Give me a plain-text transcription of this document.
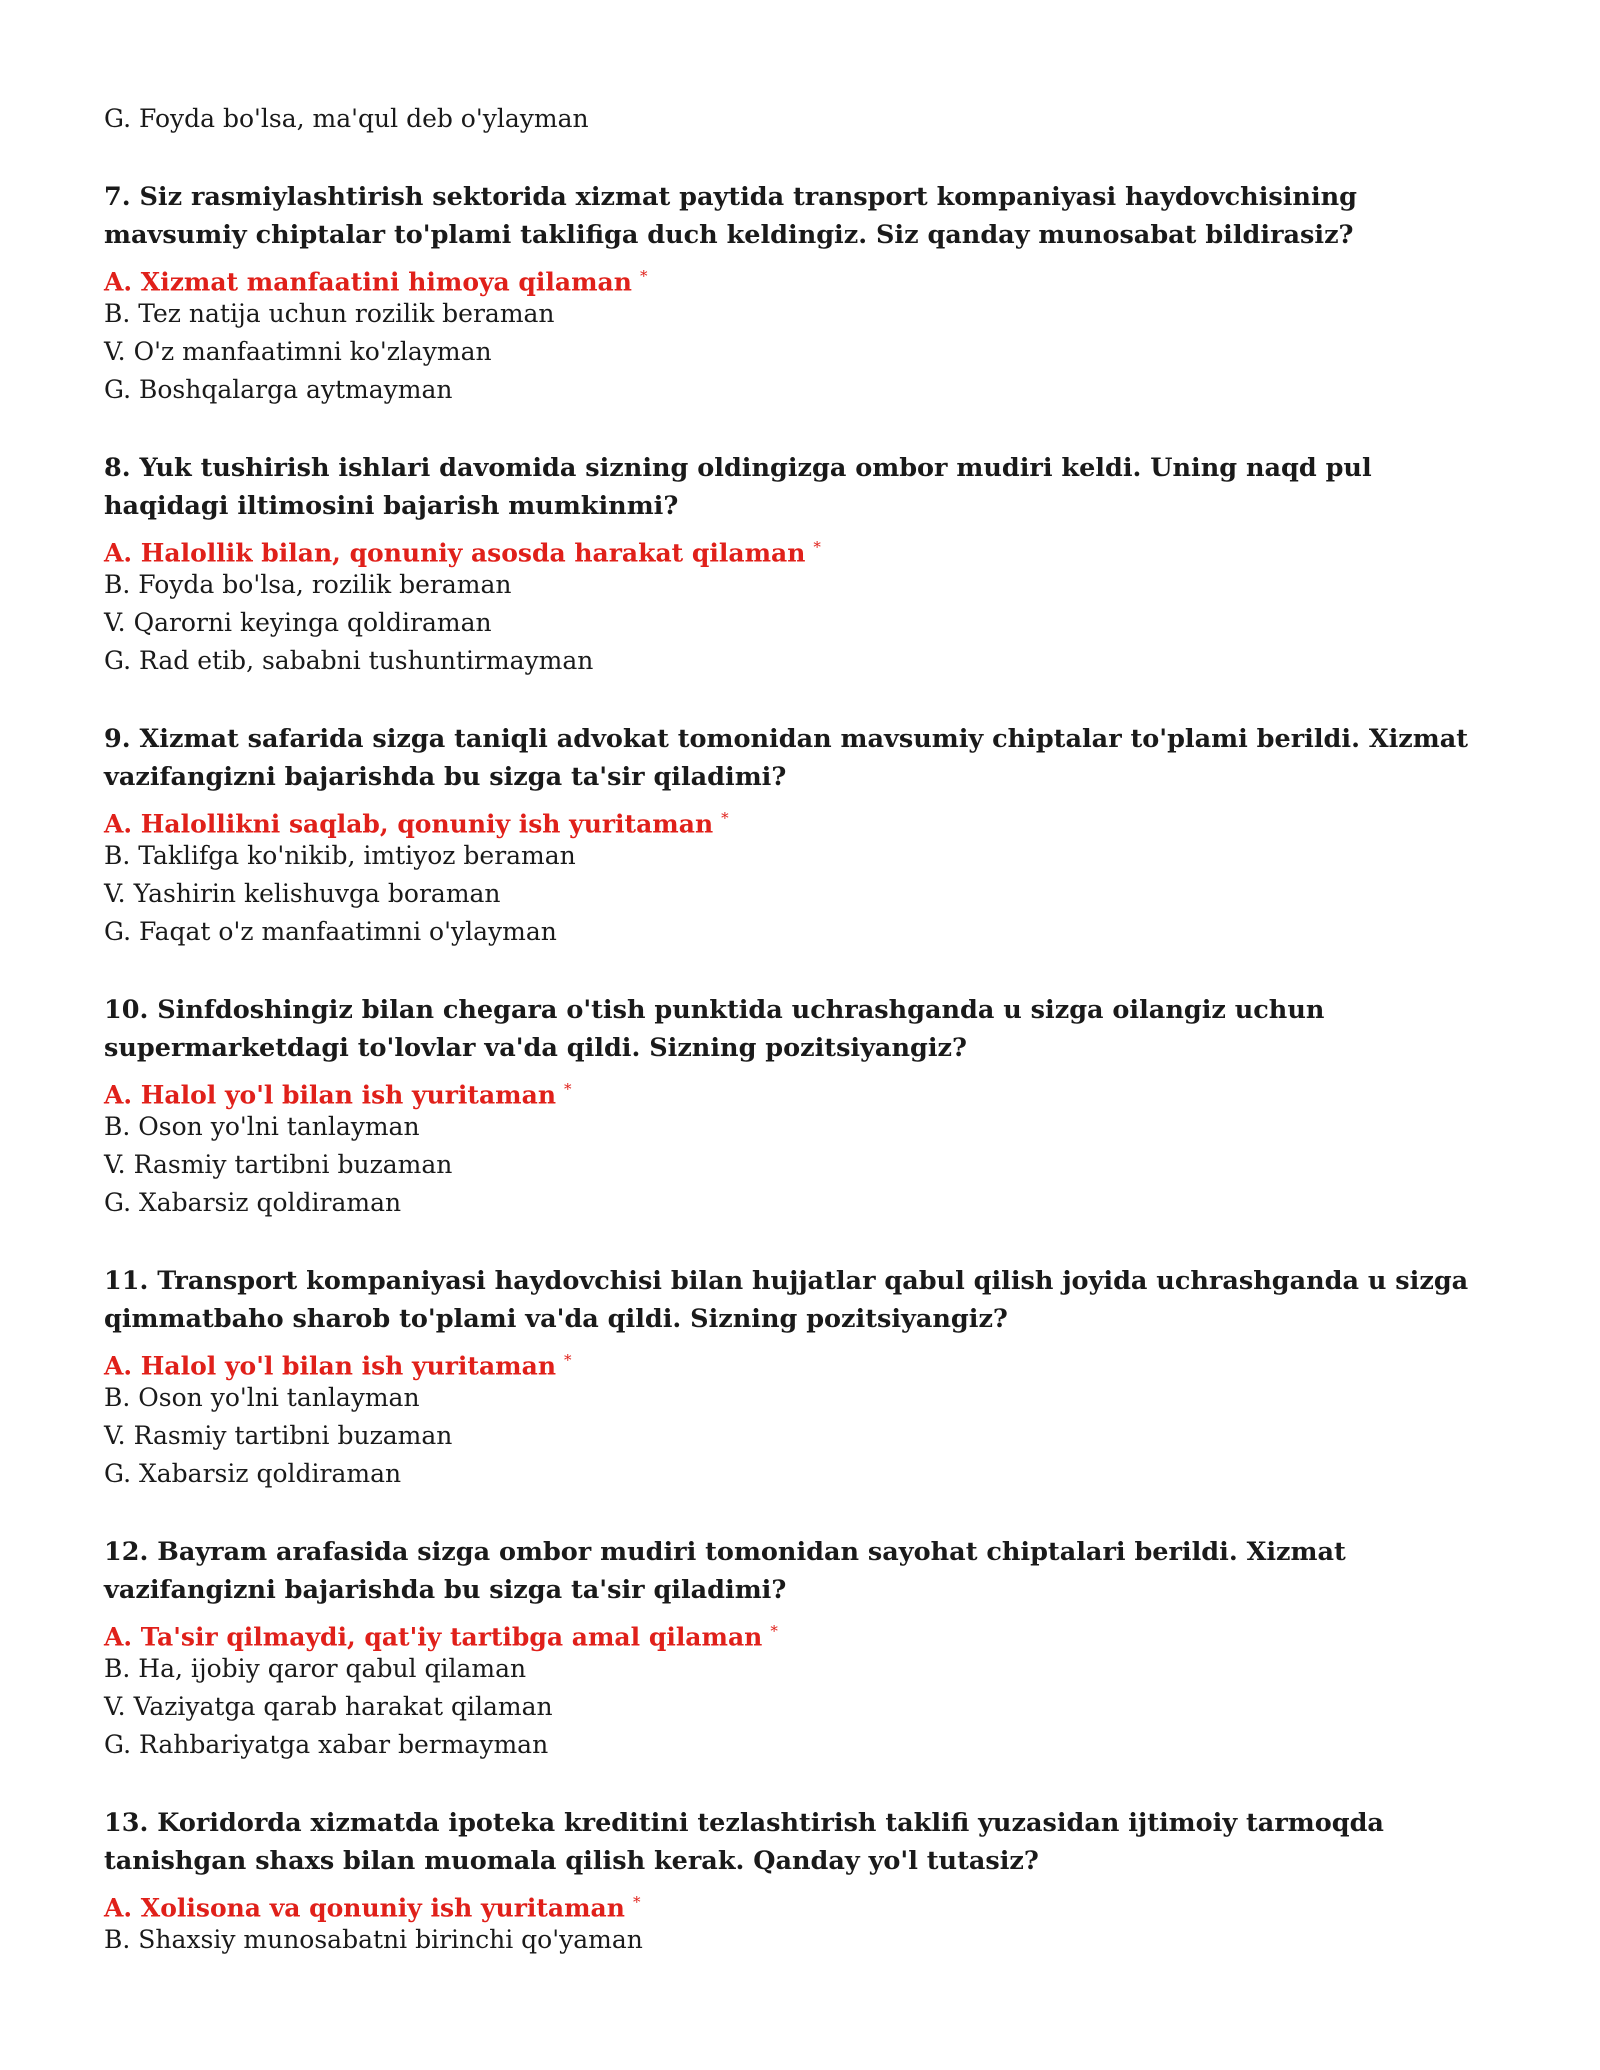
G. Foyda bo'lsa, ma'qul deb o'ylayman
7. Siz rasmiylashtirish sektorida xizmat paytida transport kompaniyasi haydovchisining mavsumiy chiptalar to'plami taklifiga duch keldingiz. Siz qanday munosabat bildirasiz?
A. Xizmat manfaatini himoya qilaman *
B. Tez natija uchun rozilik beraman
V. O'z manfaatimni ko'zlayman
G. Boshqalarga aytmayman
8. Yuk tushirish ishlari davomida sizning oldingizga ombor mudiri keldi. Uning naqd pul haqidagi iltimosini bajarish mumkinmi?
A. Halollik bilan, qonuniy asosda harakat qilaman *
B. Foyda bo'lsa, rozilik beraman
V. Qarorni keyinga qoldiraman
G. Rad etib, sababni tushuntirmayman
9. Xizmat safarida sizga taniqli advokat tomonidan mavsumiy chiptalar to'plami berildi. Xizmat vazifangizni bajarishda bu sizga ta'sir qiladimi?
A. Halollikni saqlab, qonuniy ish yuritaman *
B. Taklifga ko'nikib, imtiyoz beraman
V. Yashirin kelishuvga boraman
G. Faqat o'z manfaatimni o'ylayman
10. Sinfdoshingiz bilan chegara o'tish punktida uchrashganda u sizga oilangiz uchun supermarketdagi to'lovlar va'da qildi. Sizning pozitsiyangiz?
A. Halol yo'l bilan ish yuritaman *
B. Oson yo'lni tanlayman
V. Rasmiy tartibni buzaman
G. Xabarsiz qoldiraman
11. Transport kompaniyasi haydovchisi bilan hujjatlar qabul qilish joyida uchrashganda u sizga qimmatbaho sharob to'plami va'da qildi. Sizning pozitsiyangiz?
A. Halol yo'l bilan ish yuritaman *
B. Oson yo'lni tanlayman
V. Rasmiy tartibni buzaman
G. Xabarsiz qoldiraman
12. Bayram arafasida sizga ombor mudiri tomonidan sayohat chiptalari berildi. Xizmat vazifangizni bajarishda bu sizga ta'sir qiladimi?
A. Ta'sir qilmaydi, qat'iy tartibga amal qilaman *
B. Ha, ijobiy qaror qabul qilaman
V. Vaziyatga qarab harakat qilaman
G. Rahbariyatga xabar bermayman
13. Koridorda xizmatda ipoteka kreditini tezlashtirish taklifi yuzasidan ijtimoiy tarmoqda tanishgan shaxs bilan muomala qilish kerak. Qanday yo'l tutasiz?
A. Xolisona va qonuniy ish yuritaman *
B. Shaxsiy munosabatni birinchi qo'yaman
